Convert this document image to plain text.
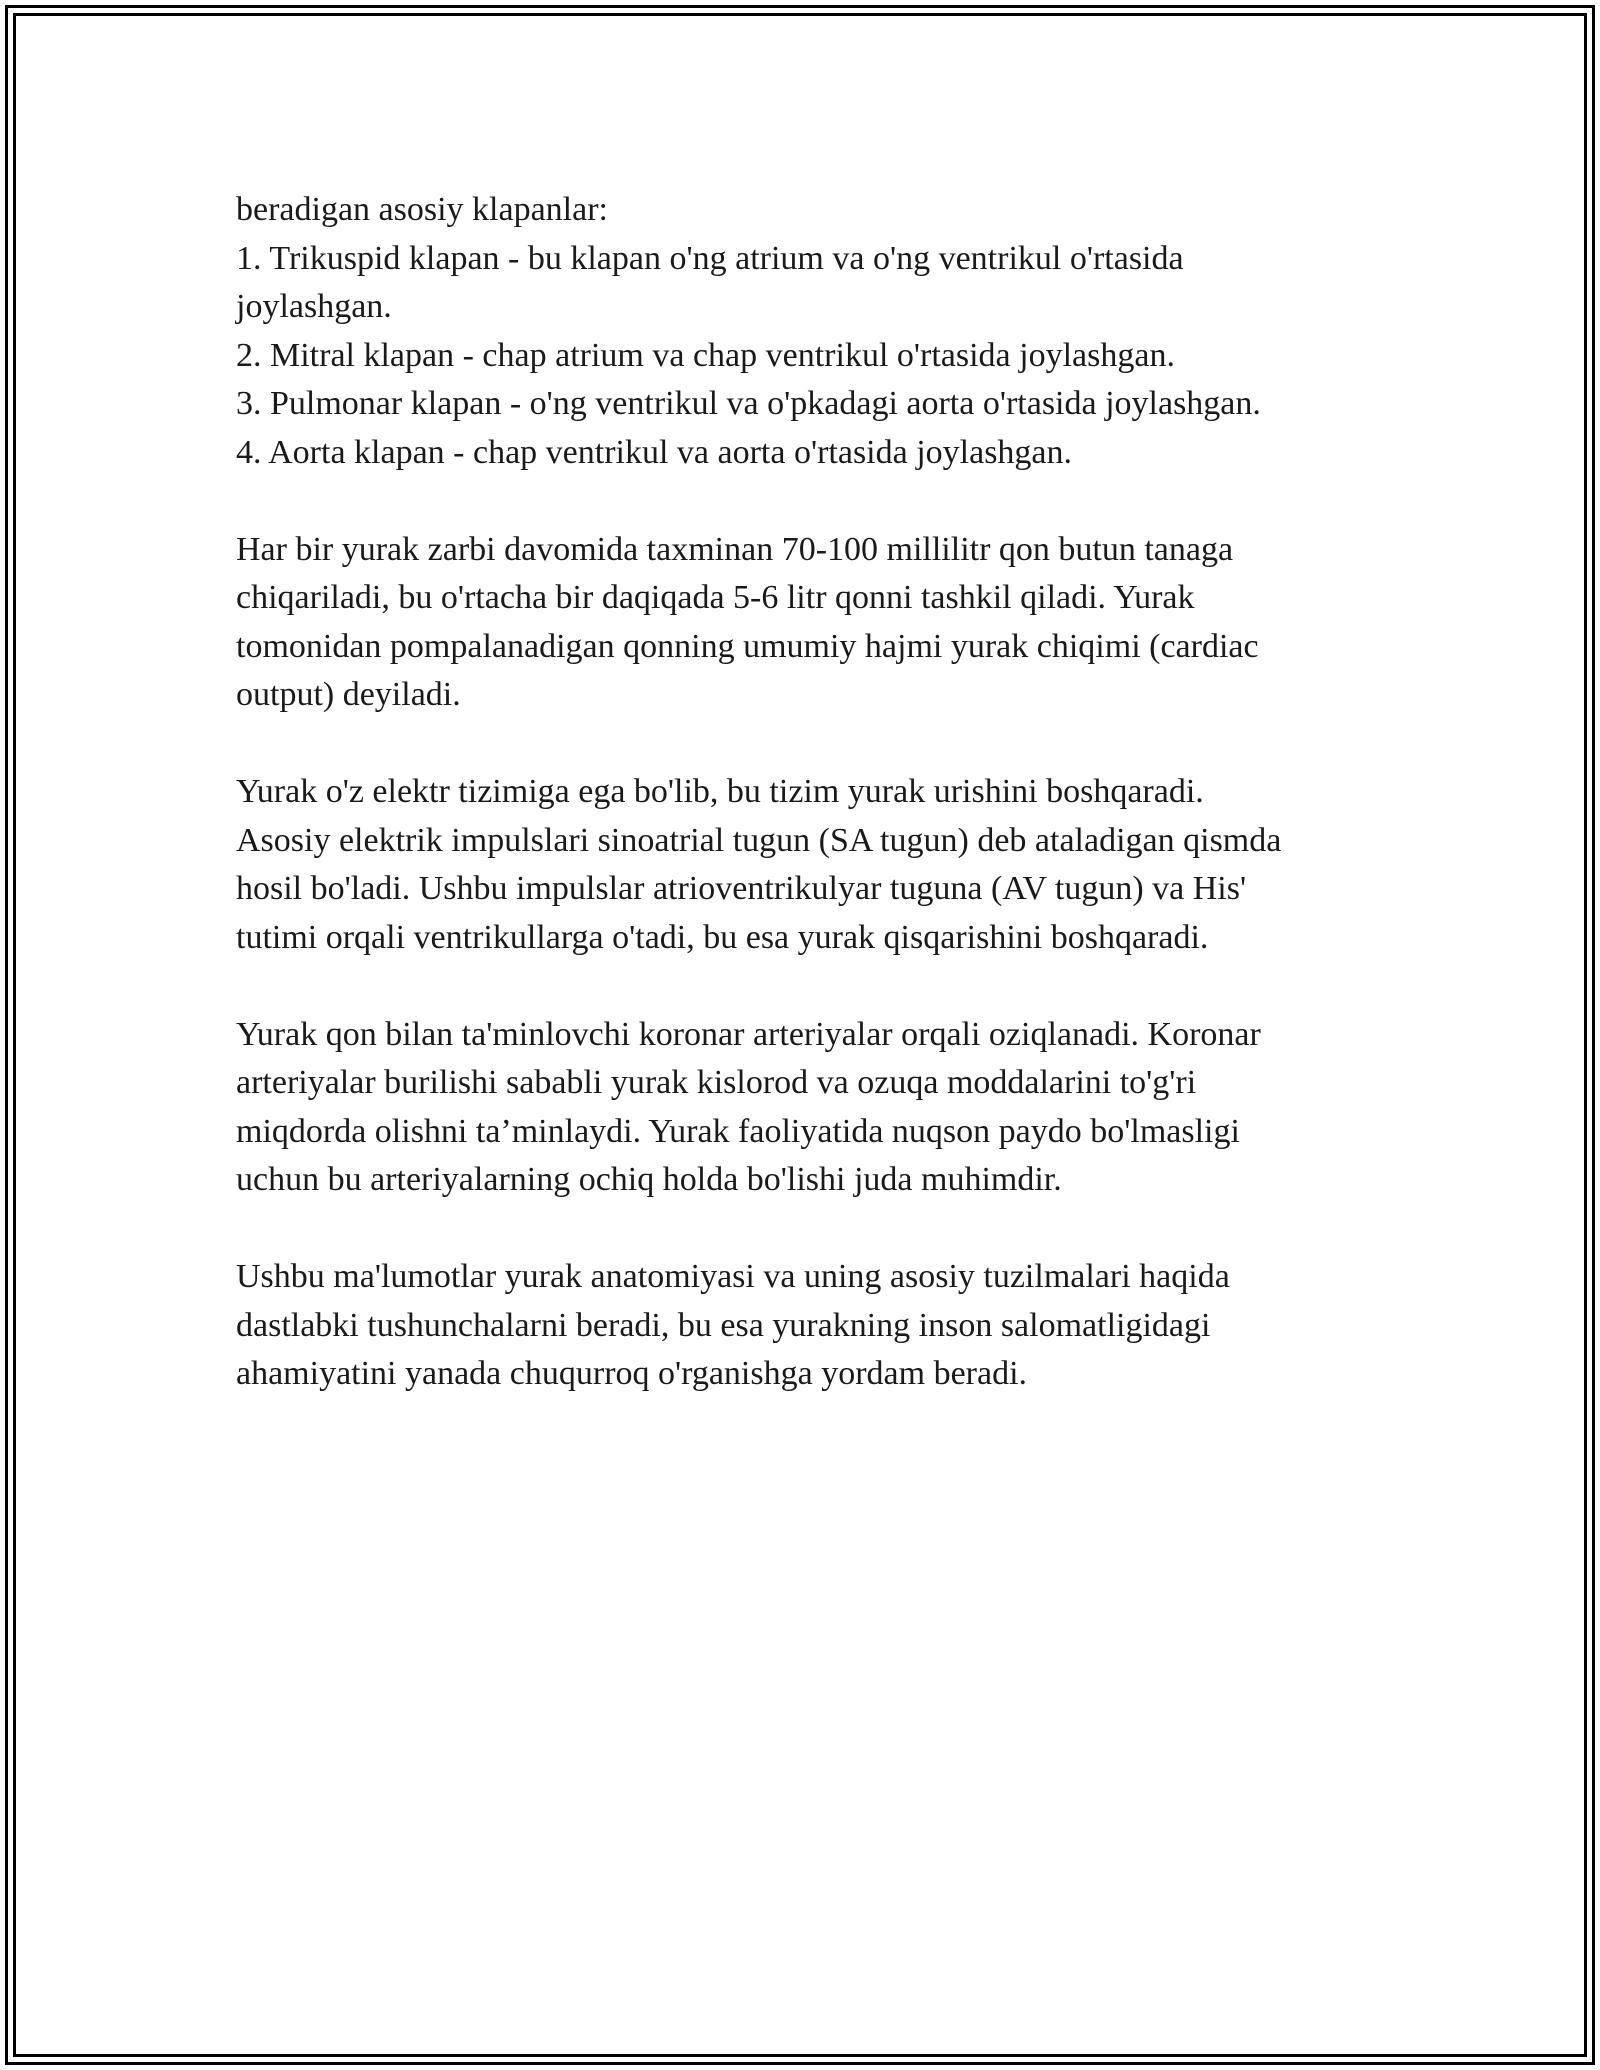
beradigan asosiy klapanlar:

1. Trikuspid klapan - bu klapan o'ng atrium va o'ng ventrikul o'rtasida

joylashgan.

2. Mitral klapan - chap atrium va chap ventrikul o'rtasida joylashgan.

3. Pulmonar klapan - o'ng ventrikul va o'pkadagi aorta o'rtasida joylashgan.

4. Aorta klapan - chap ventrikul va aorta o'rtasida joylashgan.

Har bir yurak zarbi davomida taxminan 70-100 millilitr qon butun tanaga

chiqariladi, bu o'rtacha bir daqiqada 5-6 litr qonni tashkil qiladi. Yurak

tomonidan pompalanadigan qonning umumiy hajmi yurak chiqimi (cardiac

output) deyiladi.

Yurak o'z elektr tizimiga ega bo'lib, bu tizim yurak urishini boshqaradi.

Asosiy elektrik impulslari sinoatrial tugun (SA tugun) deb ataladigan qismda

hosil bo'ladi. Ushbu impulslar atrioventrikulyar tuguna (AV tugun) va His'

tutimi orqali ventrikullarga o'tadi, bu esa yurak qisqarishini boshqaradi.

Yurak qon bilan ta'minlovchi koronar arteriyalar orqali oziqlanadi. Koronar

arteriyalar burilishi sababli yurak kislorod va ozuqa moddalarini to'g'ri

miqdorda olishni ta’minlaydi. Yurak faoliyatida nuqson paydo bo'lmasligi

uchun bu arteriyalarning ochiq holda bo'lishi juda muhimdir.

Ushbu ma'lumotlar yurak anatomiyasi va uning asosiy tuzilmalari haqida

dastlabki tushunchalarni beradi, bu esa yurakning inson salomatligidagi

ahamiyatini yanada chuqurroq o'rganishga yordam beradi.
